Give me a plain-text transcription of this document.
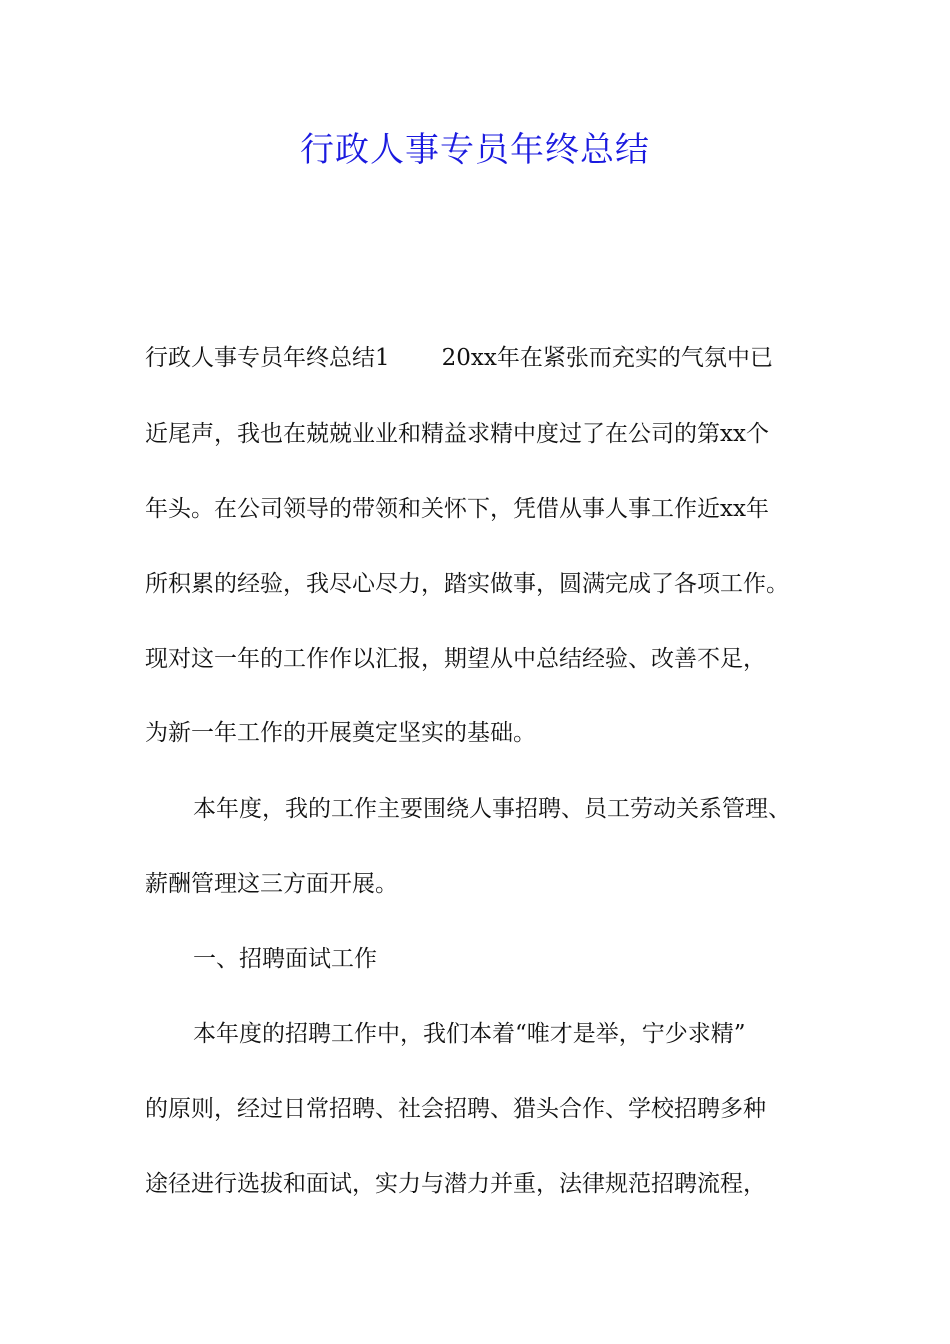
行政人事专员年终总结
行政人事专员年终总结1 20xx年在紧张而充实的气氛中已
近尾声，我也在兢兢业业和精益求精中度过了在公司的第xx个
年头。在公司领导的带领和关怀下，凭借从事人事工作近xx年
所积累的经验，我尽心尽力，踏实做事，圆满完成了各项工作。
现对这一年的工作作以汇报，期望从中总结经验、改善不足，
为新一年工作的开展奠定坚实的基础。
本年度，我的工作主要围绕人事招聘、员工劳动关系管理、
薪酬管理这三方面开展。
一、招聘面试工作
本年度的招聘工作中，我们本着“唯才是举，宁少求精”
的原则，经过日常招聘、社会招聘、猎头合作、学校招聘多种
途径进行选拔和面试，实力与潜力并重，法律规范招聘流程，
